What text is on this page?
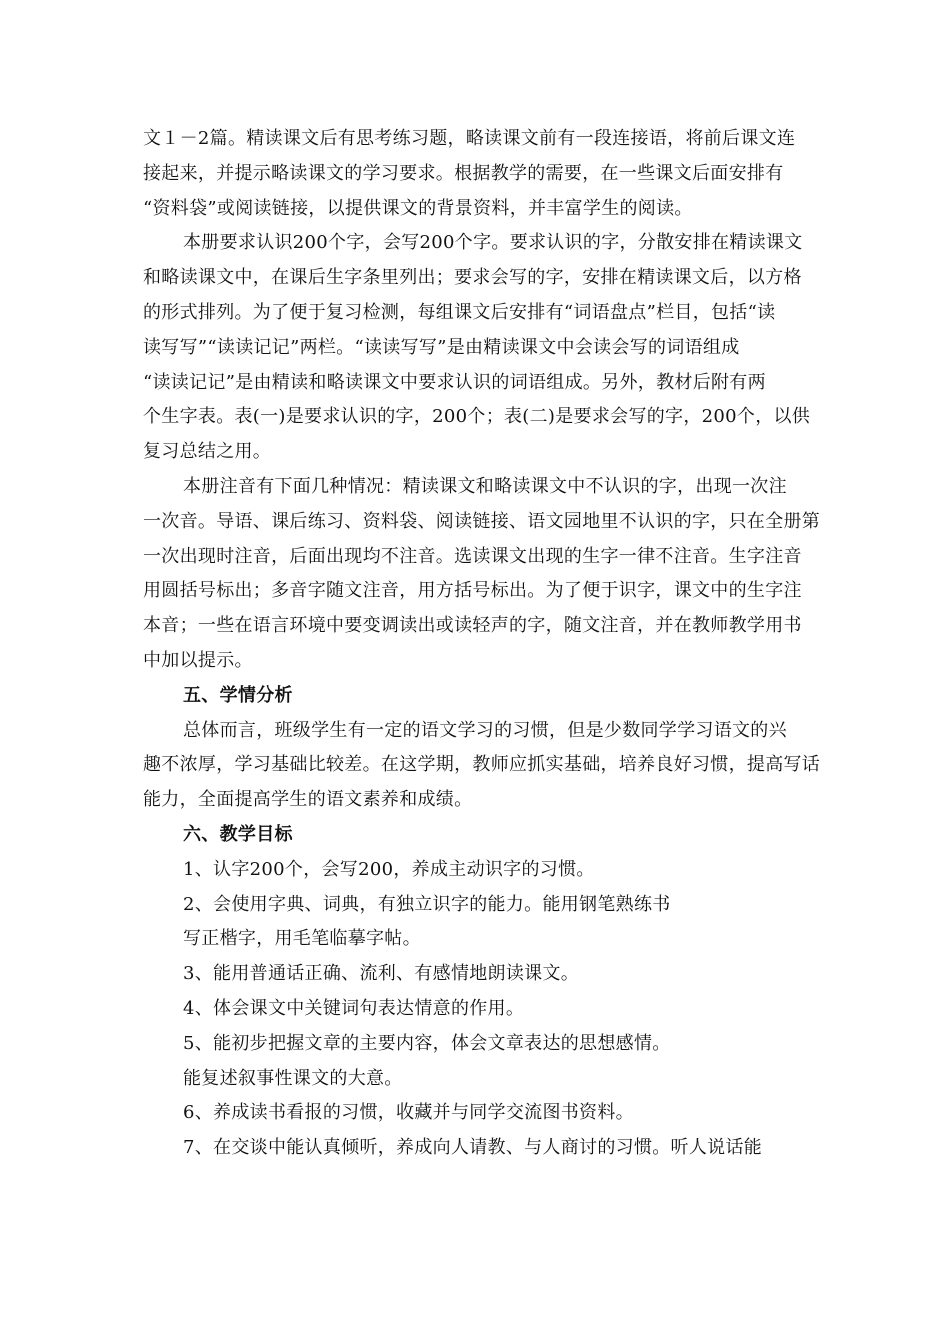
文１－2篇。精读课文后有思考练习题，略读课文前有一段连接语，将前后课文连
接起来，并提示略读课文的学习要求。根据教学的需要，在一些课文后面安排有
“资料袋”或阅读链接，以提供课文的背景资料，并丰富学生的阅读。
本册要求认识200个字，会写200个字。要求认识的字，分散安排在精读课文
和略读课文中，在课后生字条里列出；要求会写的字，安排在精读课文后，以方格
的形式排列。为了便于复习检测，每组课文后安排有“词语盘点”栏目，包括“读
读写写”“读读记记”两栏。“读读写写”是由精读课文中会读会写的词语组成
“读读记记”是由精读和略读课文中要求认识的词语组成。另外，教材后附有两
个生字表。表(一)是要求认识的字，200个；表(二)是要求会写的字，200个，以供
复习总结之用。
本册注音有下面几种情况：精读课文和略读课文中不认识的字，出现一次注
一次音。导语、课后练习、资料袋、阅读链接、语文园地里不认识的字，只在全册第
一次出现时注音，后面出现均不注音。选读课文出现的生字一律不注音。生字注音
用圆括号标出；多音字随文注音，用方括号标出。为了便于识字，课文中的生字注
本音；一些在语言环境中要变调读出或读轻声的字，随文注音，并在教师教学用书
中加以提示。
五、学情分析
总体而言，班级学生有一定的语文学习的习惯，但是少数同学学习语文的兴
趣不浓厚，学习基础比较差。在这学期，教师应抓实基础，培养良好习惯，提高写话
能力，全面提高学生的语文素养和成绩。
六、教学目标
1、认字200个，会写200，养成主动识字的习惯。
2、会使用字典、词典，有独立识字的能力。能用钢笔熟练书
写正楷字，用毛笔临摹字帖。
3、能用普通话正确、流利、有感情地朗读课文。
4、体会课文中关键词句表达情意的作用。
5、能初步把握文章的主要内容，体会文章表达的思想感情。
能复述叙事性课文的大意。
6、养成读书看报的习惯，收藏并与同学交流图书资料。
7、在交谈中能认真倾听，养成向人请教、与人商讨的习惯。听人说话能
